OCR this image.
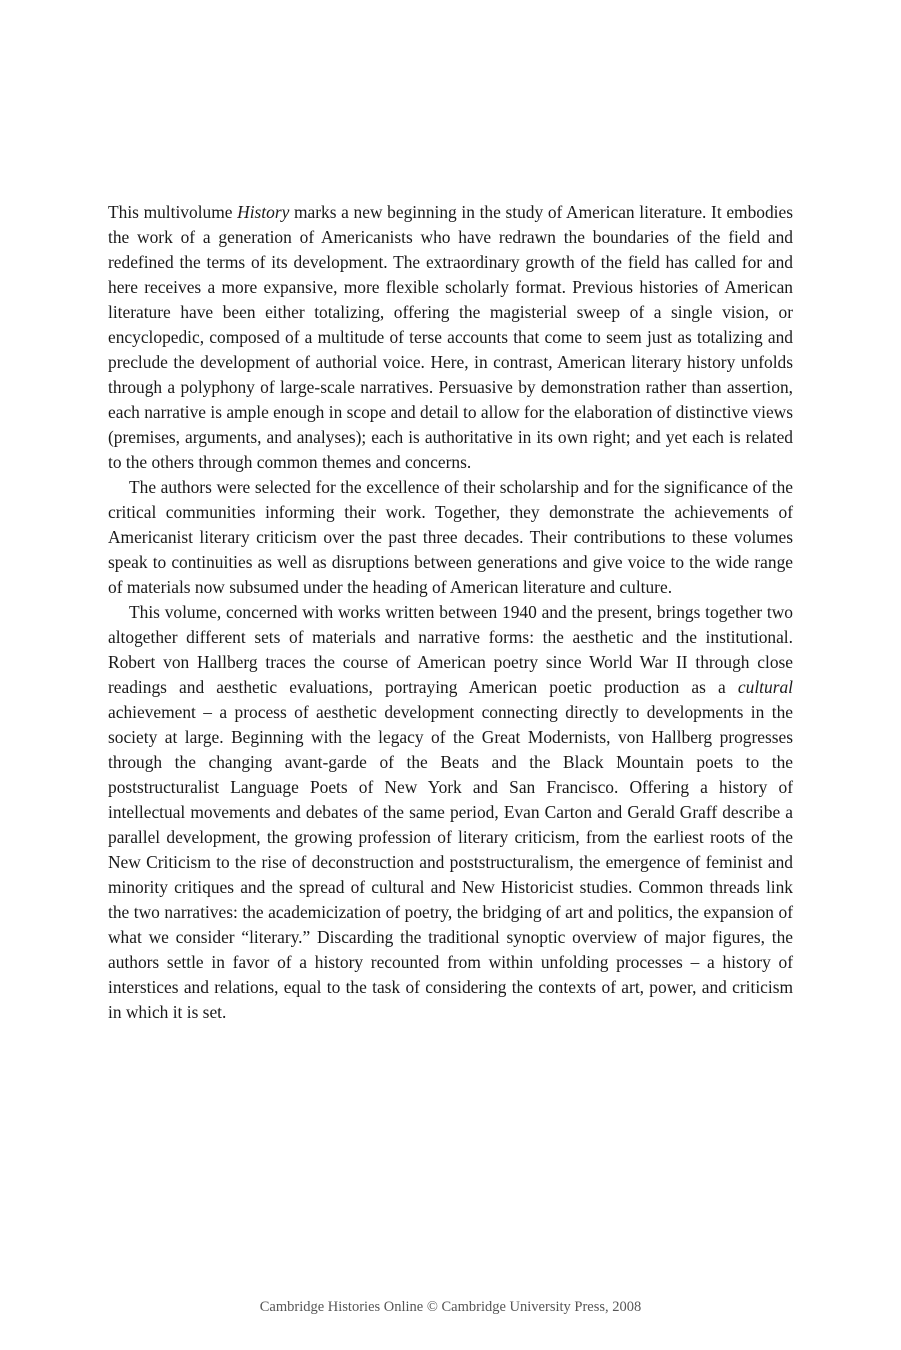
This multivolume History marks a new beginning in the study of American literature. It embodies the work of a generation of Americanists who have redrawn the boundaries of the field and redefined the terms of its development. The extraordinary growth of the field has called for and here receives a more expansive, more flexible scholarly format. Previous histories of American literature have been either totalizing, offering the magisterial sweep of a single vision, or encyclopedic, composed of a multitude of terse accounts that come to seem just as totalizing and preclude the development of authorial voice. Here, in contrast, American literary history unfolds through a polyphony of large-scale narratives. Persuasive by demonstration rather than assertion, each narrative is ample enough in scope and detail to allow for the elaboration of distinctive views (premises, arguments, and analyses); each is authoritative in its own right; and yet each is related to the others through common themes and concerns.

The authors were selected for the excellence of their scholarship and for the significance of the critical communities informing their work. Together, they demonstrate the achievements of Americanist literary criticism over the past three decades. Their contributions to these volumes speak to continuities as well as disruptions between generations and give voice to the wide range of materials now subsumed under the heading of American literature and culture.

This volume, concerned with works written between 1940 and the present, brings together two altogether different sets of materials and narrative forms: the aesthetic and the institutional. Robert von Hallberg traces the course of American poetry since World War II through close readings and aesthetic evaluations, portraying American poetic production as a cultural achievement – a process of aesthetic development connecting directly to developments in the society at large. Beginning with the legacy of the Great Modernists, von Hallberg progresses through the changing avant-garde of the Beats and the Black Mountain poets to the poststructuralist Language Poets of New York and San Francisco. Offering a history of intellectual movements and debates of the same period, Evan Carton and Gerald Graff describe a parallel development, the growing profession of literary criticism, from the earliest roots of the New Criticism to the rise of deconstruction and poststructuralism, the emergence of feminist and minority critiques and the spread of cultural and New Historicist studies. Common threads link the two narratives: the academicization of poetry, the bridging of art and politics, the expansion of what we consider “literary.” Discarding the traditional synoptic overview of major figures, the authors settle in favor of a history recounted from within unfolding processes – a history of interstices and relations, equal to the task of considering the contexts of art, power, and criticism in which it is set.

Cambridge Histories Online © Cambridge University Press, 2008
